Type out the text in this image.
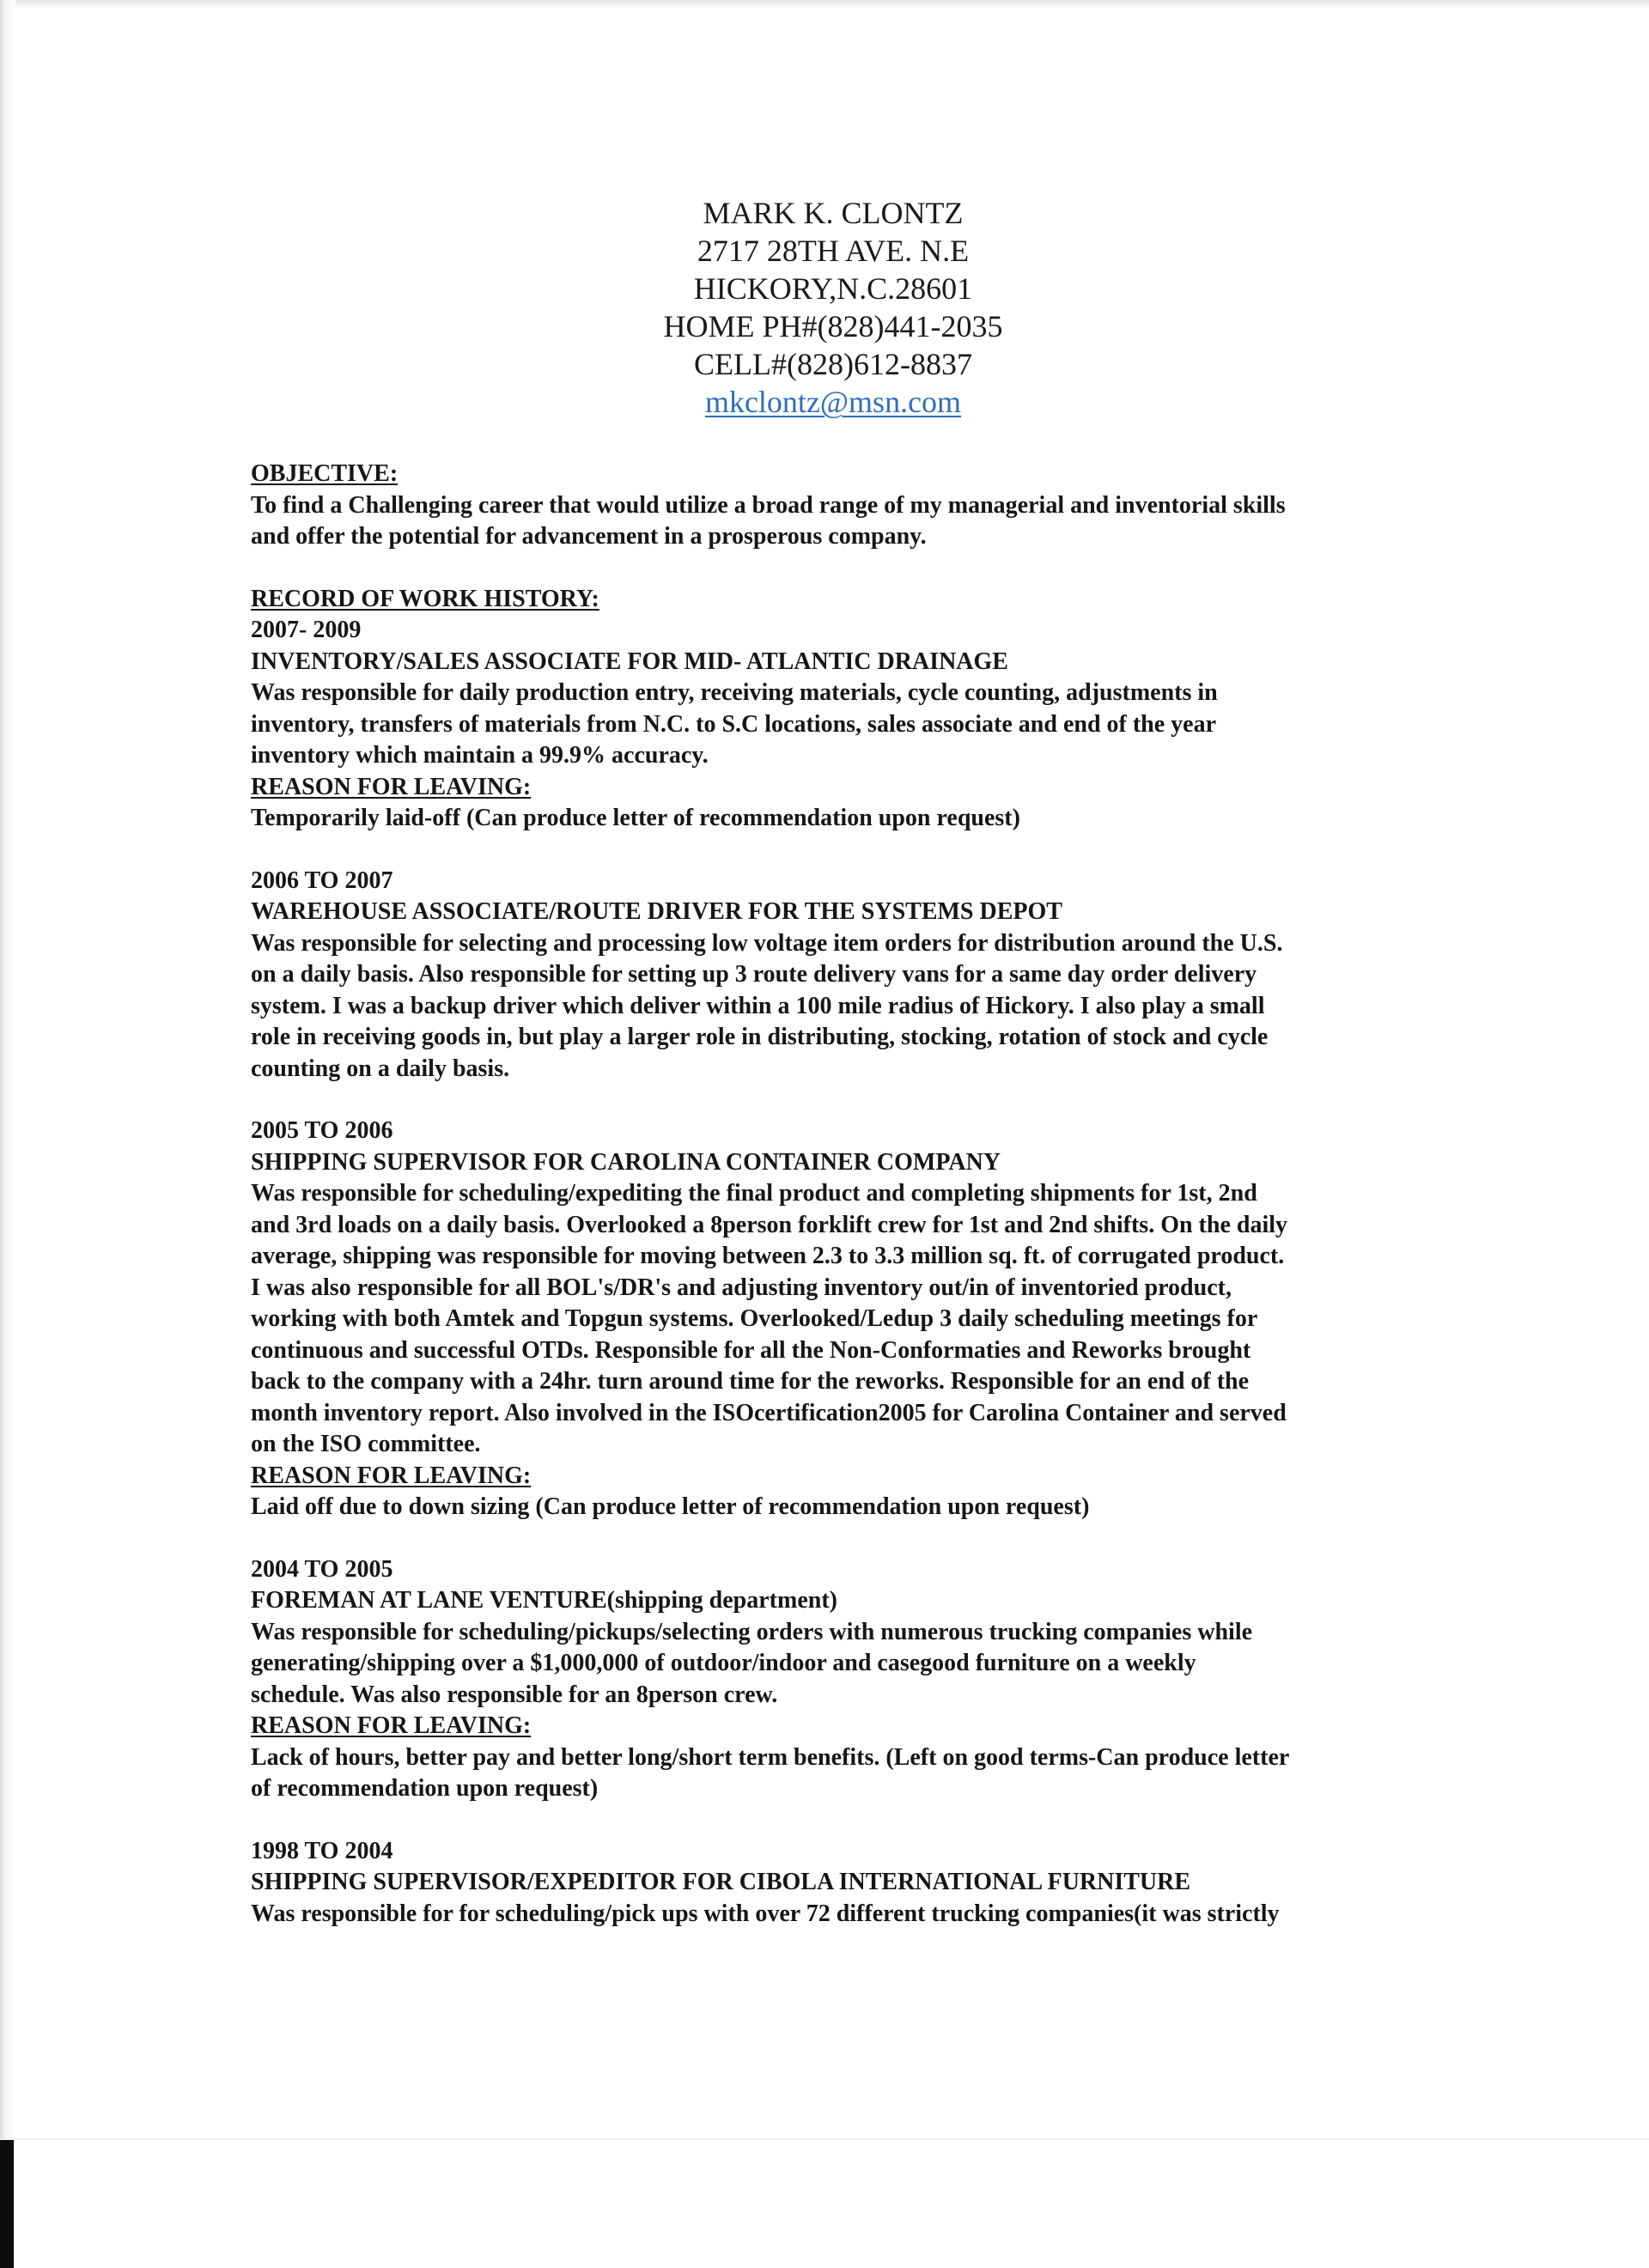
MARK K. CLONTZ
2717 28TH AVE. N.E
HICKORY,N.C.28601
HOME PH#(828)441-2035
CELL#(828)612-8837
mkclontz@msn.com

OBJECTIVE:

To find a Challenging career that would utilize a broad range of my managerial and inventorial skills

and offer the potential for advancement in a prosperous company.

RECORD OF WORK HISTORY:

2007- 2009

INVENTORY/SALES ASSOCIATE FOR MID- ATLANTIC DRAINAGE

Was responsible for daily production entry, receiving materials, cycle counting, adjustments in

inventory, transfers of materials from N.C. to S.C locations, sales associate and end of the year

inventory which maintain a 99.9% accuracy.

REASON FOR LEAVING:

Temporarily laid-off (Can produce letter of recommendation upon request)

2006 TO 2007

WAREHOUSE ASSOCIATE/ROUTE DRIVER FOR THE SYSTEMS DEPOT

Was responsible for selecting and processing low voltage item orders for distribution around the U.S.

on a daily basis. Also responsible for setting up 3 route delivery vans for a same day order delivery

system. I was a backup driver which deliver within a 100 mile radius of Hickory. I also play a small

role in receiving goods in, but play a larger role in distributing, stocking, rotation of stock and cycle

counting on a daily basis.

2005 TO 2006

SHIPPING SUPERVISOR FOR CAROLINA CONTAINER COMPANY

Was responsible for scheduling/expediting the final product and completing shipments for 1st, 2nd

and 3rd loads on a daily basis. Overlooked a 8person forklift crew for 1st and 2nd shifts. On the daily

average, shipping was responsible for moving between 2.3 to 3.3 million sq. ft. of corrugated product.

I was also responsible for all BOL's/DR's and adjusting inventory out/in of inventoried product,

working with both Amtek and Topgun systems. Overlooked/Ledup 3 daily scheduling meetings for

continuous and successful OTDs. Responsible for all the Non-Conformaties and Reworks brought

back to the company with a 24hr. turn around time for the reworks. Responsible for an end of the

month inventory report. Also involved in the ISOcertification2005 for Carolina Container and served

on the ISO committee.

REASON FOR LEAVING:

Laid off due to down sizing (Can produce letter of recommendation upon request)

2004 TO 2005

FOREMAN AT LANE VENTURE(shipping department)

Was responsible for scheduling/pickups/selecting orders with numerous trucking companies while

generating/shipping over a $1,000,000 of outdoor/indoor and casegood furniture on a weekly

schedule. Was also responsible for an 8person crew.

REASON FOR LEAVING:

Lack of hours, better pay and better long/short term benefits. (Left on good terms-Can produce letter

of recommendation upon request)

1998 TO 2004

SHIPPING SUPERVISOR/EXPEDITOR FOR CIBOLA INTERNATIONAL FURNITURE

Was responsible for for scheduling/pick ups with over 72 different trucking companies(it was strictly
